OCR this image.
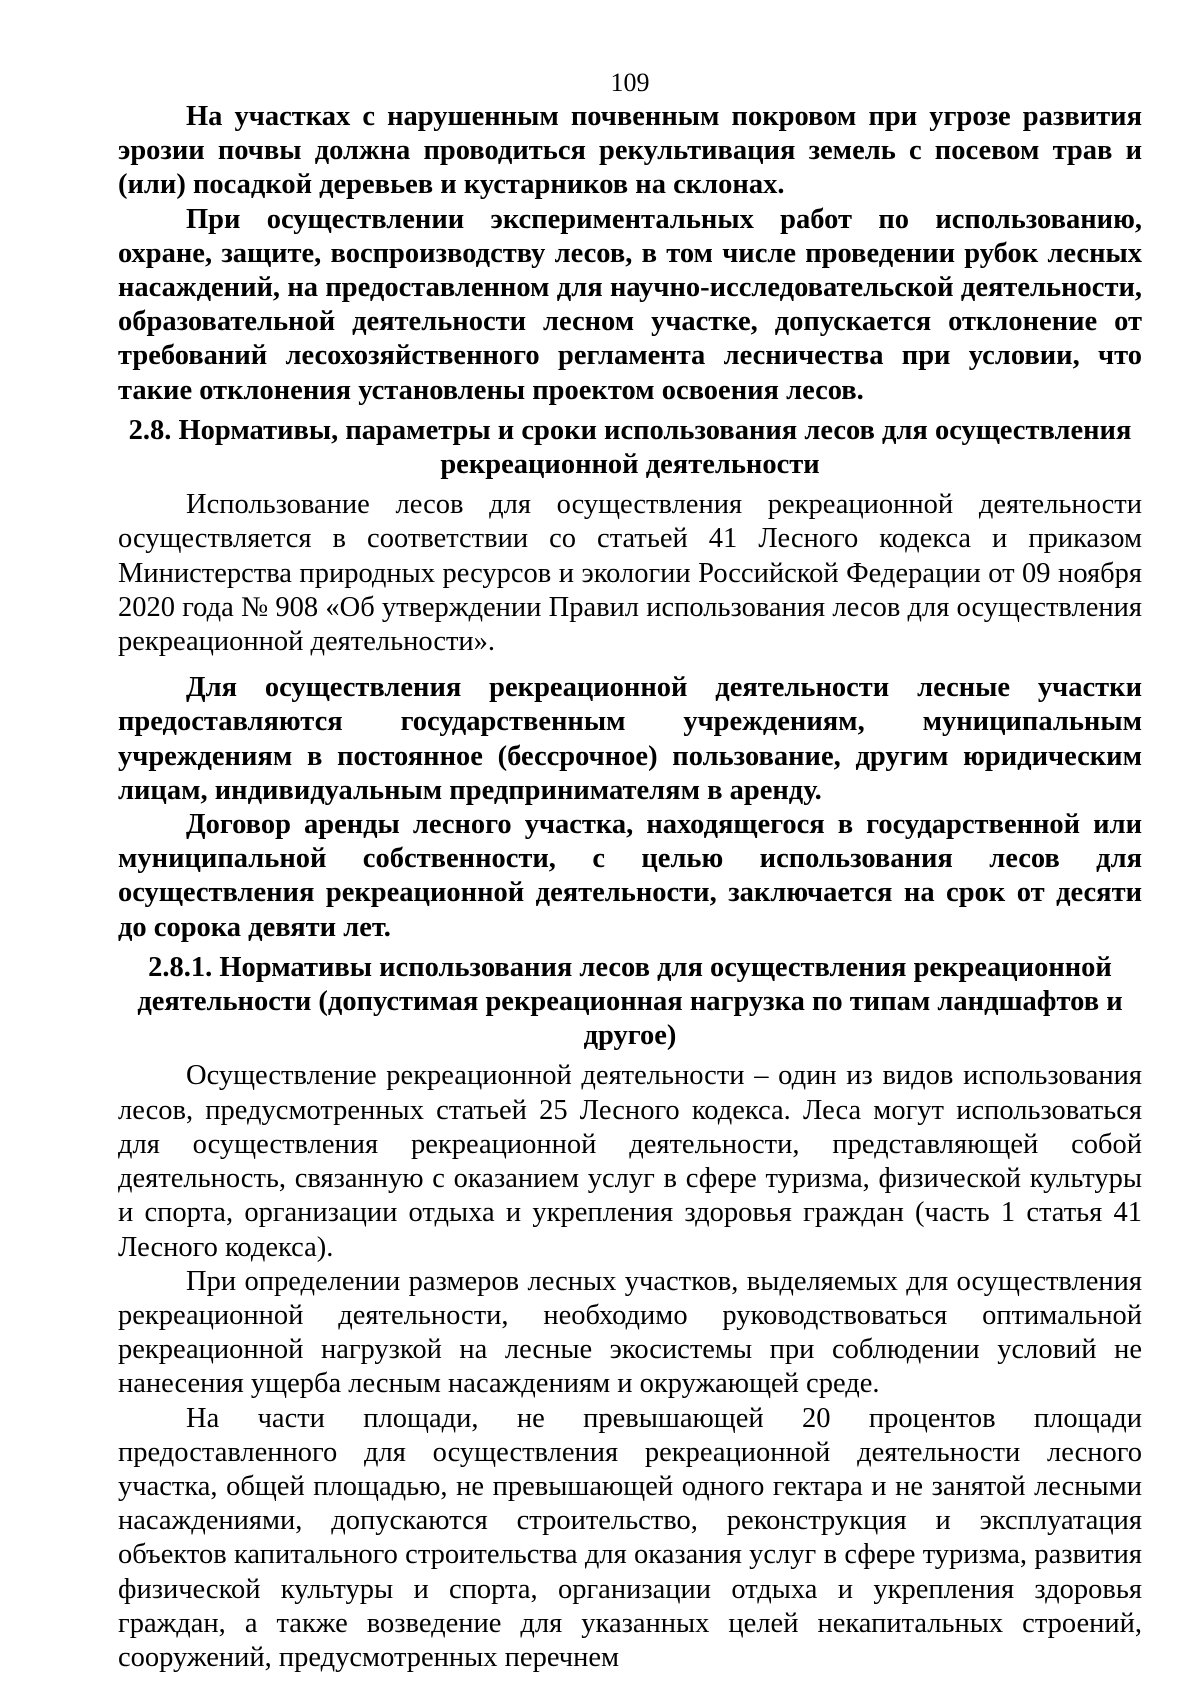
109

На участках с нарушенным почвенным покровом при угрозе развития эрозии почвы должна проводиться рекультивация земель с посевом трав и (или) посадкой деревьев и кустарников на склонах.

При осуществлении экспериментальных работ по использованию, охране, защите, воспроизводству лесов, в том числе проведении рубок лесных насаждений, на предоставленном для научно-исследовательской деятельности, образовательной деятельности лесном участке, допускается отклонение от требований лесохозяйственного регламента лесничества при условии, что такие отклонения установлены проектом освоения лесов.

2.8. Нормативы, параметры и сроки использования лесов для осуществления
рекреационной деятельности

Использование лесов для осуществления рекреационной деятельности осуществляется в соответствии со статьей 41 Лесного кодекса и приказом Министерства природных ресурсов и экологии Российской Федерации от 09 ноября 2020 года № 908 «Об утверждении Правил использования лесов для осуществления рекреационной деятельности».

Для осуществления рекреационной деятельности лесные участки предоставляются государственным учреждениям, муниципальным учреждениям в постоянное (бессрочное) пользование, другим юридическим лицам, индивидуальным предпринимателям в аренду.

Договор аренды лесного участка, находящегося в государственной или муниципальной собственности, с целью использования лесов для осуществления рекреационной деятельности, заключается на срок от десяти до сорока девяти лет.

2.8.1. Нормативы использования лесов для осуществления рекреационной
деятельности (допустимая рекреационная нагрузка по типам ландшафтов и
другое)

Осуществление рекреационной деятельности – один из видов использования лесов, предусмотренных статьей 25 Лесного кодекса. Леса могут использоваться для осуществления рекреационной деятельности, представляющей собой деятельность, связанную с оказанием услуг в сфере туризма, физической культуры и спорта, организации отдыха и укрепления здоровья граждан (часть 1 статья 41 Лесного кодекса).

При определении размеров лесных участков, выделяемых для осуществления рекреационной деятельности, необходимо руководствоваться оптимальной рекреационной нагрузкой на лесные экосистемы при соблюдении условий не нанесения ущерба лесным насаждениям и окружающей среде.

На части площади, не превышающей 20 процентов площади предоставленного для осуществления рекреационной деятельности лесного участка, общей площадью, не превышающей одного гектара и не занятой лесными насаждениями, допускаются строительство, реконструкция и эксплуатация объектов капитального строительства для оказания услуг в сфере туризма, развития физической культуры и спорта, организации отдыха и укрепления здоровья граждан, а также возведение для указанных целей некапитальных строений, сооружений, предусмотренных перечнем
